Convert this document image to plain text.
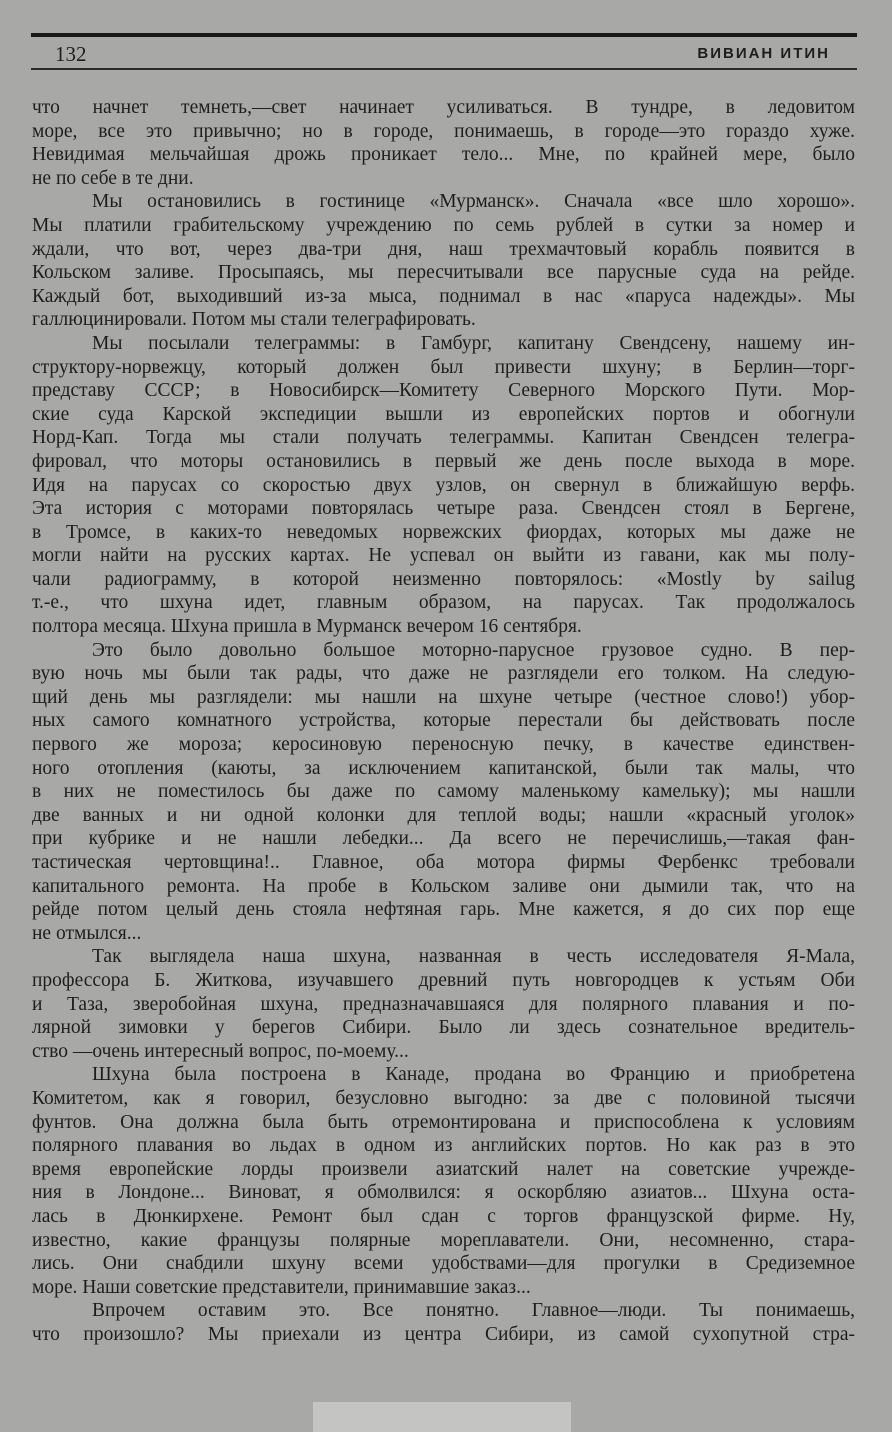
132	ВИВИАН ИТИН
что начнет темнеть,—свет начинает усиливаться. В тундре, в ледовитом
море, все это привычно; но в городе, понимаешь, в городе—это гораздо хуже.
Невидимая мельчайшая дрожь проникает тело... Мне, по крайней мере, было
не по себе в те дни.
Мы остановились в гостинице «Мурманск». Сначала «все шло хорошо».
Мы платили грабительскому учреждению по семь рублей в сутки за номер и
ждали, что вот, через два-три дня, наш трехмачтовый корабль появится в
Кольском заливе. Просыпаясь, мы пересчитывали все парусные суда на рейде.
Каждый бот, выходивший из-за мыса, поднимал в нас «паруса надежды». Мы
галлюцинировали. Потом мы стали телеграфировать.
Мы посылали телеграммы: в Гамбург, капитану Свендсену, нашему ин-
структору-норвежцу, который должен был привести шхуну; в Берлин—торг-
представу СССР; в Новосибирск—Комитету Северного Морского Пути. Мор-
ские суда Карской экспедиции вышли из европейских портов и обогнули
Норд-Кап. Тогда мы стали получать телеграммы. Капитан Свендсен телегра-
фировал, что моторы остановились в первый же день после выхода в море.
Идя на парусах со скоростью двух узлов, он свернул в ближайшую верфь.
Эта история с моторами повторялась четыре раза. Свендсен стоял в Бергене,
в Тромсе, в каких-то неведомых норвежских фиордах, которых мы даже не
могли найти на русских картах. Не успевал он выйти из гавани, как мы полу-
чали радиограмму, в которой неизменно повторялось: «Mostly by sailug
т.-е., что шхуна идет, главным образом, на парусах. Так продолжалось
полтора месяца. Шхуна пришла в Мурманск вечером 16 сентября.
Это было довольно большое моторно-парусное грузовое судно. В пер-
вую ночь мы были так рады, что даже не разглядели его толком. На следую-
щий день мы разглядели: мы нашли на шхуне четыре (честное слово!) убор-
ных самого комнатного устройства, которые перестали бы действовать после
первого же мороза; керосиновую переносную печку, в качестве единствен-
ного отопления (каюты, за исключением капитанской, были так малы, что
в них не поместилось бы даже по самому маленькому камельку); мы нашли
две ванных и ни одной колонки для теплой воды; нашли «красный уголок»
при кубрике и не нашли лебедки... Да всего не перечислишь,—такая фан-
тастическая чертовщина!.. Главное, оба мотора фирмы Фербенкс требовали
капитального ремонта. На пробе в Кольском заливе они дымили так, что на
рейде потом целый день стояла нефтяная гарь. Мне кажется, я до сих пор еще
не отмылся...
Так выглядела наша шхуна, названная в честь исследователя Я-Мала,
профессора Б. Житкова, изучавшего древний путь новгородцев к устьям Оби
и Таза, зверобойная шхуна, предназначавшаяся для полярного плавания и по-
лярной зимовки у берегов Сибири. Было ли здесь сознательное вредитель-
ство —очень интересный вопрос, по-моему...
Шхуна была построена в Канаде, продана во Францию и приобретена
Комитетом, как я говорил, безусловно выгодно: за две с половиной тысячи
фунтов. Она должна была быть отремонтирована и приспособлена к условиям
полярного плавания во льдах в одном из английских портов. Но как раз в это
время европейские лорды произвели азиатский налет на советские учрежде-
ния в Лондоне... Виноват, я обмолвился: я оскорбляю азиатов... Шхуна оста-
лась в Дюнкирхене. Ремонт был сдан с торгов французской фирме. Ну,
известно, какие французы полярные мореплаватели. Они, несомненно, стара-
лись. Они снабдили шхуну всеми удобствами—для прогулки в Средиземное
море. Наши советские представители, принимавшие заказ...
Впрочем оставим это. Все понятно. Главное—люди. Ты понимаешь,
что произошло? Мы приехали из центра Сибири, из самой сухопутной стра-
